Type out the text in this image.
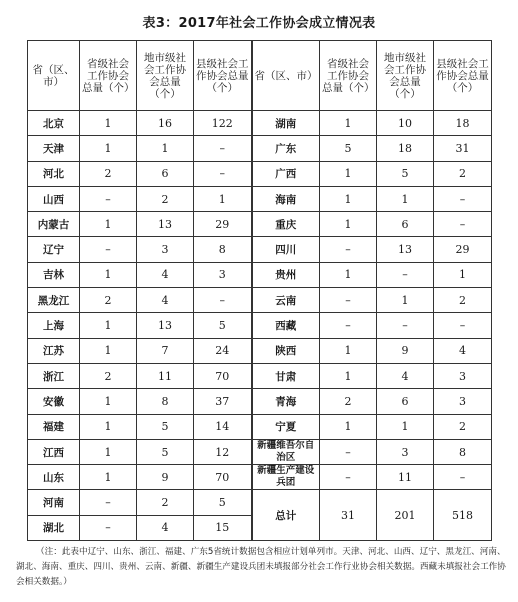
表3：2017年社会工作协会成立情况表
省（区、市）	省级社会工作协会总量（个）	地市级社会工作协会总量（个）	县级社会工作协会总量（个）	省（区、市）	省级社会工作协会总量（个）	地市级社会工作协会总量（个）	县级社会工作协会总量（个）
北京	1	16	122	湖南	1	10	18
天津	1	1	–	广东	5	18	31
河北	2	6	–	广西	1	5	2
山西	–	2	1	海南	1	1	–
内蒙古	1	13	29	重庆	1	6	–
辽宁	–	3	8	四川	–	13	29
吉林	1	4	3	贵州	1	–	1
黑龙江	2	4	–	云南	–	1	2
上海	1	13	5	西藏	–	–	–
江苏	1	7	24	陕西	1	9	4
浙江	2	11	70	甘肃	1	4	3
安徽	1	8	37	青海	2	6	3
福建	1	5	14	宁夏	1	1	2
江西	1	5	12	新疆维吾尔自治区	–	3	8
山东	1	9	70	新疆生产建设兵团	–	11	–
河南	–	2	5	总计	31	201	518
湖北	–	4	15				
（注：此表中辽宁、山东、浙江、福建、广东5省统计数据包含相应计划单列市。天津、河北、山西、辽宁、黑龙江、河南、湖北、海南、重庆、四川、贵州、云南、新疆、新疆生产建设兵团未填报部分社会工作行业协会相关数据。西藏未填报社会工作协会相关数据。）
